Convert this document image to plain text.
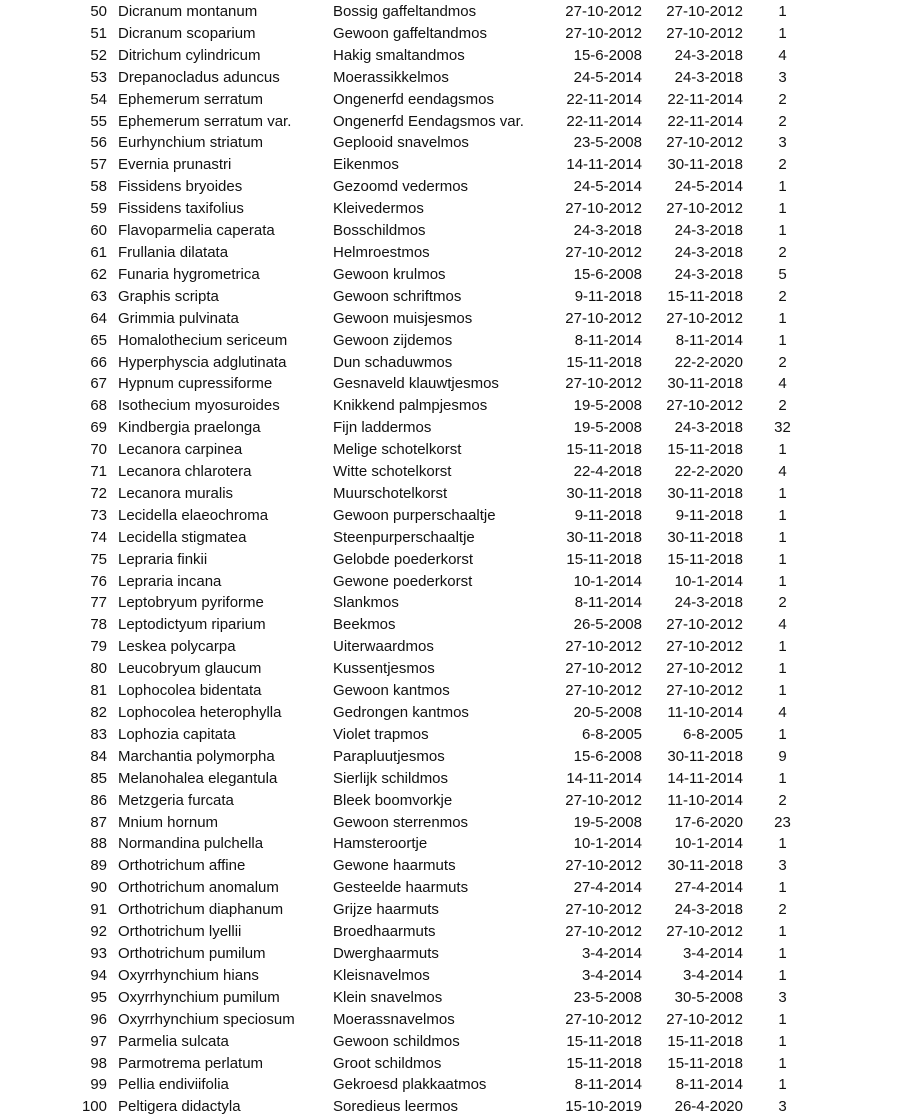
50 Dicranum montanum	Bossig gaffeltandmos	27-10-2012	27-10-2012	1
51 Dicranum scoparium	Gewoon gaffeltandmos	27-10-2012	27-10-2012	1
52 Ditrichum cylindricum	Hakig smaltandmos	15-6-2008	24-3-2018	4
53 Drepanocladus aduncus	Moerassikkelmos	24-5-2014	24-3-2018	3
54 Ephemerum serratum	Ongenerfd eendagsmos	22-11-2014	22-11-2014	2
55 Ephemerum serratum var.	Ongenerfd Eendagsmos var.	22-11-2014	22-11-2014	2
56 Eurhynchium striatum	Geplooid snavelmos	23-5-2008	27-10-2012	3
57 Evernia prunastri	Eikenmos	14-11-2014	30-11-2018	2
58 Fissidens bryoides	Gezoomd vedermos	24-5-2014	24-5-2014	1
59 Fissidens taxifolius	Kleivedermos	27-10-2012	27-10-2012	1
60 Flavoparmelia caperata	Bosschildmos	24-3-2018	24-3-2018	1
61 Frullania dilatata	Helmroestmos	27-10-2012	24-3-2018	2
62 Funaria hygrometrica	Gewoon krulmos	15-6-2008	24-3-2018	5
63 Graphis scripta	Gewoon schriftmos	9-11-2018	15-11-2018	2
64 Grimmia pulvinata	Gewoon muisjesmos	27-10-2012	27-10-2012	1
65 Homalothecium sericeum	Gewoon zijdemos	8-11-2014	8-11-2014	1
66 Hyperphyscia adglutinata	Dun schaduwmos	15-11-2018	22-2-2020	2
67 Hypnum cupressiforme	Gesnaveld klauwtjesmos	27-10-2012	30-11-2018	4
68 Isothecium myosuroides	Knikkend palmpjesmos	19-5-2008	27-10-2012	2
69 Kindbergia praelonga	Fijn laddermos	19-5-2008	24-3-2018	32
70 Lecanora carpinea	Melige schotelkorst	15-11-2018	15-11-2018	1
71 Lecanora chlarotera	Witte schotelkorst	22-4-2018	22-2-2020	4
72 Lecanora muralis	Muurschotelkorst	30-11-2018	30-11-2018	1
73 Lecidella elaeochroma	Gewoon purperschaaltje	9-11-2018	9-11-2018	1
74 Lecidella stigmatea	Steenpurperschaaltje	30-11-2018	30-11-2018	1
75 Lepraria finkii	Gelobde poederkorst	15-11-2018	15-11-2018	1
76 Lepraria incana	Gewone poederkorst	10-1-2014	10-1-2014	1
77 Leptobryum pyriforme	Slankmos	8-11-2014	24-3-2018	2
78 Leptodictyum riparium	Beekmos	26-5-2008	27-10-2012	4
79 Leskea polycarpa	Uiterwaardmos	27-10-2012	27-10-2012	1
80 Leucobryum glaucum	Kussentjesmos	27-10-2012	27-10-2012	1
81 Lophocolea bidentata	Gewoon kantmos	27-10-2012	27-10-2012	1
82 Lophocolea heterophylla	Gedrongen kantmos	20-5-2008	11-10-2014	4
83 Lophozia capitata	Violet trapmos	6-8-2005	6-8-2005	1
84 Marchantia polymorpha	Parapluutjesmos	15-6-2008	30-11-2018	9
85 Melanohalea elegantula	Sierlijk schildmos	14-11-2014	14-11-2014	1
86 Metzgeria furcata	Bleek boomvorkje	27-10-2012	11-10-2014	2
87 Mnium hornum	Gewoon sterrenmos	19-5-2008	17-6-2020	23
88 Normandina pulchella	Hamsteroortje	10-1-2014	10-1-2014	1
89 Orthotrichum affine	Gewone haarmuts	27-10-2012	30-11-2018	3
90 Orthotrichum anomalum	Gesteelde haarmuts	27-4-2014	27-4-2014	1
91 Orthotrichum diaphanum	Grijze haarmuts	27-10-2012	24-3-2018	2
92 Orthotrichum lyellii	Broedhaarmuts	27-10-2012	27-10-2012	1
93 Orthotrichum pumilum	Dwerghaarmuts	3-4-2014	3-4-2014	1
94 Oxyrrhynchium hians	Kleisnavelmos	3-4-2014	3-4-2014	1
95 Oxyrrhynchium pumilum	Klein snavelmos	23-5-2008	30-5-2008	3
96 Oxyrrhynchium speciosum	Moerassnavelmos	27-10-2012	27-10-2012	1
97 Parmelia sulcata	Gewoon schildmos	15-11-2018	15-11-2018	1
98 Parmotrema perlatum	Groot schildmos	15-11-2018	15-11-2018	1
99 Pellia endiviifolia	Gekroesd plakkaatmos	8-11-2014	8-11-2014	1
100 Peltigera didactyla	Sorediеus leermos	15-10-2019	26-4-2020	3
